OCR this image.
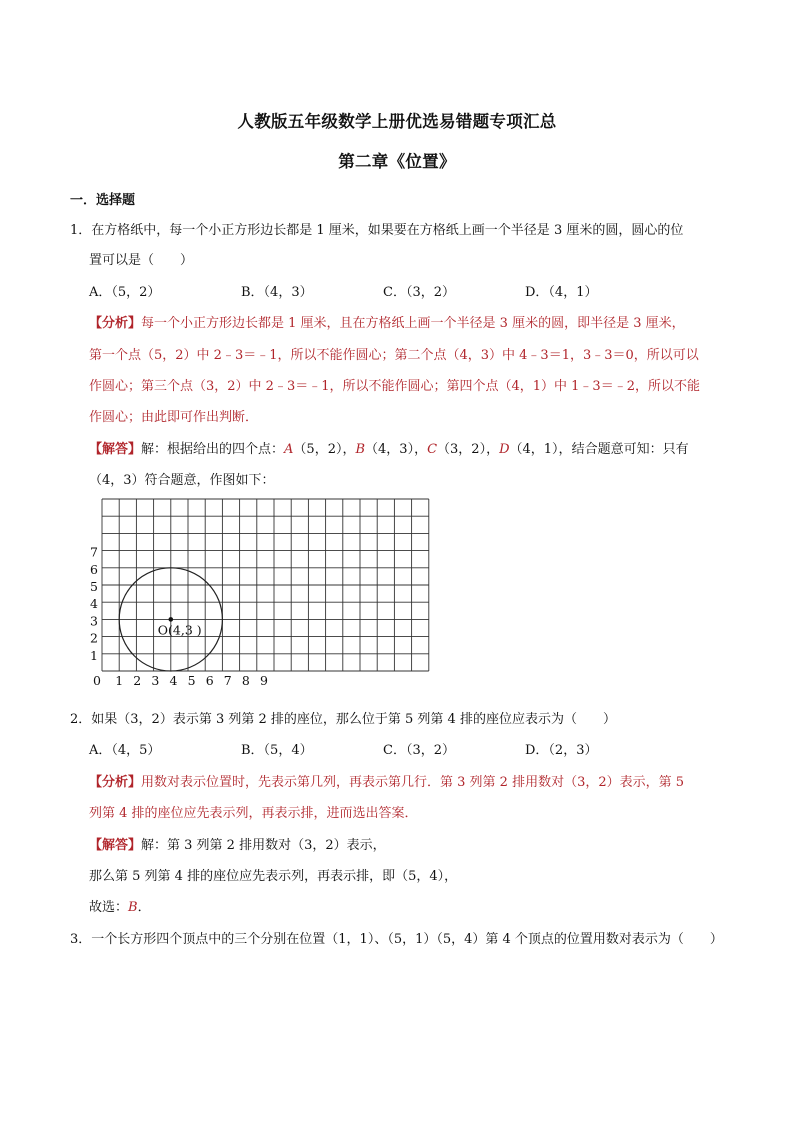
人教版五年级数学上册优选易错题专项汇总
第二章《位置》
一．选择题
1．在方格纸中，每一个小正方形边长都是 1 厘米，如果要在方格纸上画一个半径是 3 厘米的圆，圆心的位
置可以是（　　）
A．（5，2）	B．（4，3）	C．（3，2）	D．（4，1）
【分析】每一个小正方形边长都是 1 厘米，且在方格纸上画一个半径是 3 厘米的圆，即半径是 3 厘米，
第一个点（5，2）中 2﹣3＝﹣1，所以不能作圆心；第二个点（4，3）中 4﹣3＝1，3﹣3＝0，所以可以
作圆心；第三个点（3，2）中 2﹣3＝﹣1，所以不能作圆心；第四个点（4，1）中 1﹣3＝﹣2，所以不能
作圆心；由此即可作出判断．
【解答】解：根据给出的四个点：A（5，2），B（4，3），C（3，2），D（4，1），结合题意可知：只有
（4，3）符合题意，作图如下：
O(4,3 )
0 1 2 3 4 5 6 7 8 9
1
2
3
4
5
6
7
2．如果（3，2）表示第 3 列第 2 排的座位，那么位于第 5 列第 4 排的座位应表示为（　　）
A．（4，5）	B．（5，4）	C．（3，2）	D．（2，3）
【分析】用数对表示位置时，先表示第几列，再表示第几行．第 3 列第 2 排用数对（3，2）表示，第 5
列第 4 排的座位应先表示列，再表示排，进而选出答案．
【解答】解：第 3 列第 2 排用数对（3，2）表示，
那么第 5 列第 4 排的座位应先表示列，再表示排，即（5，4），
故选：B．
3．一个长方形四个顶点中的三个分别在位置（1，1）、（5，1）（5，4）第 4 个顶点的位置用数对表示为（　　）
